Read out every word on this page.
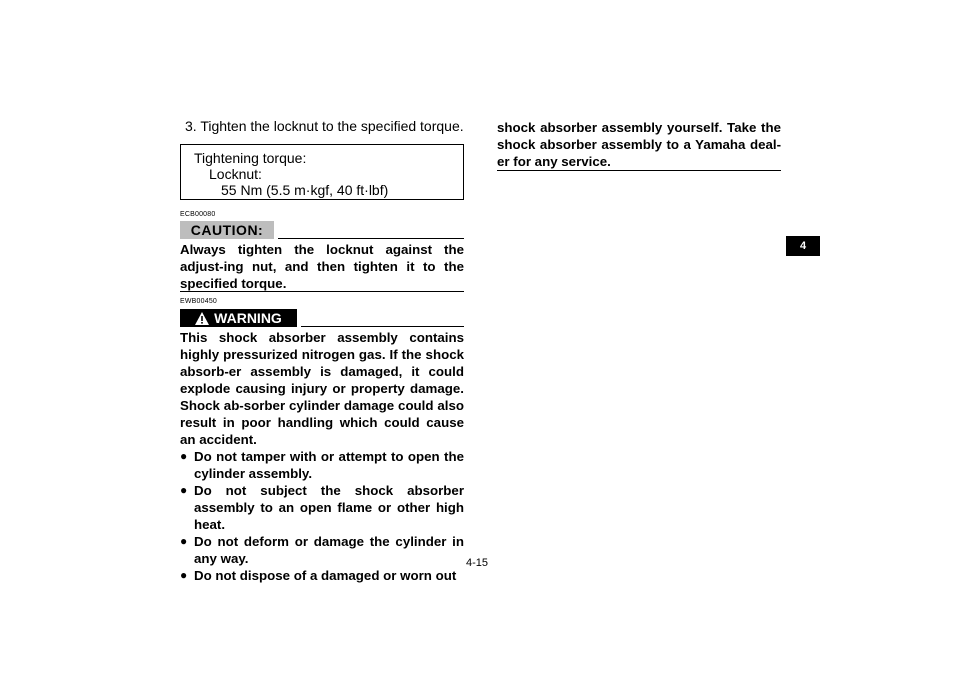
3. Tighten the locknut to the specified torque.
Tightening torque:
Locknut:
55 Nm (5.5 m·kgf, 40 ft·lbf)
ECB00080
CAUTION:
Always tighten the locknut against the adjust-ing nut, and then tighten it to the specified torque.
EWB00450
WARNING
This shock absorber assembly contains highly pressurized nitrogen gas. If the shock absorb-er assembly is damaged, it could explode causing injury or property damage. Shock ab-sorber cylinder damage could also result in poor handling which could cause an accident.
● Do not tamper with or attempt to open the cylinder assembly.
● Do not subject the shock absorber assembly to an open flame or other high heat.
● Do not deform or damage the cylinder in any way.
● Do not dispose of a damaged or worn out
shock absorber assembly yourself. Take the shock absorber assembly to a Yamaha deal-er for any service.
4-15
4
